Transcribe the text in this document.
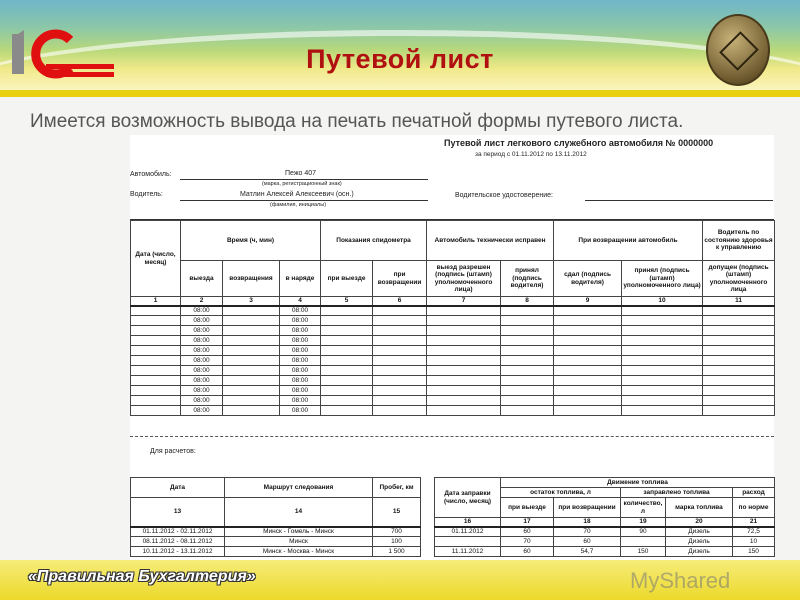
Путевой лист
Имеется возможность вывода на печать печатной формы путевого листа.
Путевой лист легкового служебного автомобиля № 0000000
за период с 01.11.2012 по 13.11.2012
Автомобиль:	Пежо 407
(марка, регистрационный знак)
Водитель:	Матлин Алексей Алексеевич (осн.)
(фамилия, инициалы)
Водительское удостоверение:
Для расчетов:
Дата (число, месяц)	Время (ч, мин)			Показания спидометра		Автомобиль технически исправен		При возвращении автомобиль		Водитель по состоянию здоровья к управлению
	выезда	возвращения	в наряде	при выезде	при возвращении	выезд разрешен (подпись (штамп) уполномоченного лица)	принял (подпись водителя)	сдал (подпись водителя)	принял (подпись (штамп) уполномоченного лица)	допущен (подпись (штамп) уполномоченного лица
1	2	3	4	5	6	7	8	9	10	11
	08:00		08:00							
	08:00		08:00							
	08:00		08:00							
	08:00		08:00							
	08:00		08:00							
	08:00		08:00							
	08:00		08:00							
	08:00		08:00							
	08:00		08:00							
	08:00		08:00							
	08:00		08:00							
Дата	Маршрут следования	Пробег, км
13	14	15
01.11.2012 - 02.11.2012	Минск - Гомель - Минск	700
08.11.2012 - 08.11.2012	Минск	100
10.11.2012 - 13.11.2012	Минск - Москва - Минск	1 500
Дата заправки (число, месяц)	Движение топлива				
	остаток топлива, л		заправлено топлива		расход
	при выезде	при возвращении	количество, л	марка топлива	по норме
16	17	18	19	20	21
01.11.2012	60	70	90	Дизель	72,5
	70	60		Дизель	10
11.11.2012	60	54,7	150	Дизель	150
«Правильная Бухгалтерия»	MyShared
